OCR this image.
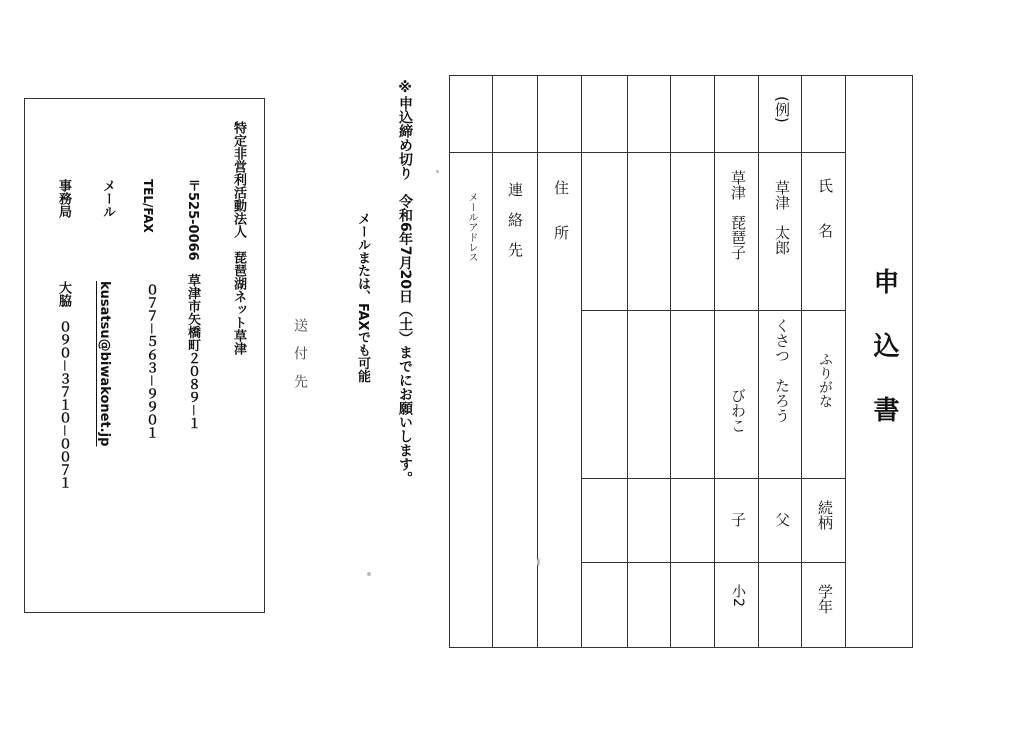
申　込　書
氏　　名
ふりがな
続柄
学年
(例)
草津　太郎
くさつ　たろう
父
草津　琵琶子
びわこ
子
小2
住　　所
連　絡　先
メールアドレス
※申込締め切り　令和6年7月20日（土）までにお願いします。
メールまたは、FAXでも可能
送　付　先
特定非営利活動法人　琵琶湖ネット草津
〒525-0066　草津市矢橋町２０８９－１
TEL/FAX
０７７－５６３－９９０１
メール
kusatsu@biwakonet.jp
事務局
大脇　０９０－３７１０－００７１
